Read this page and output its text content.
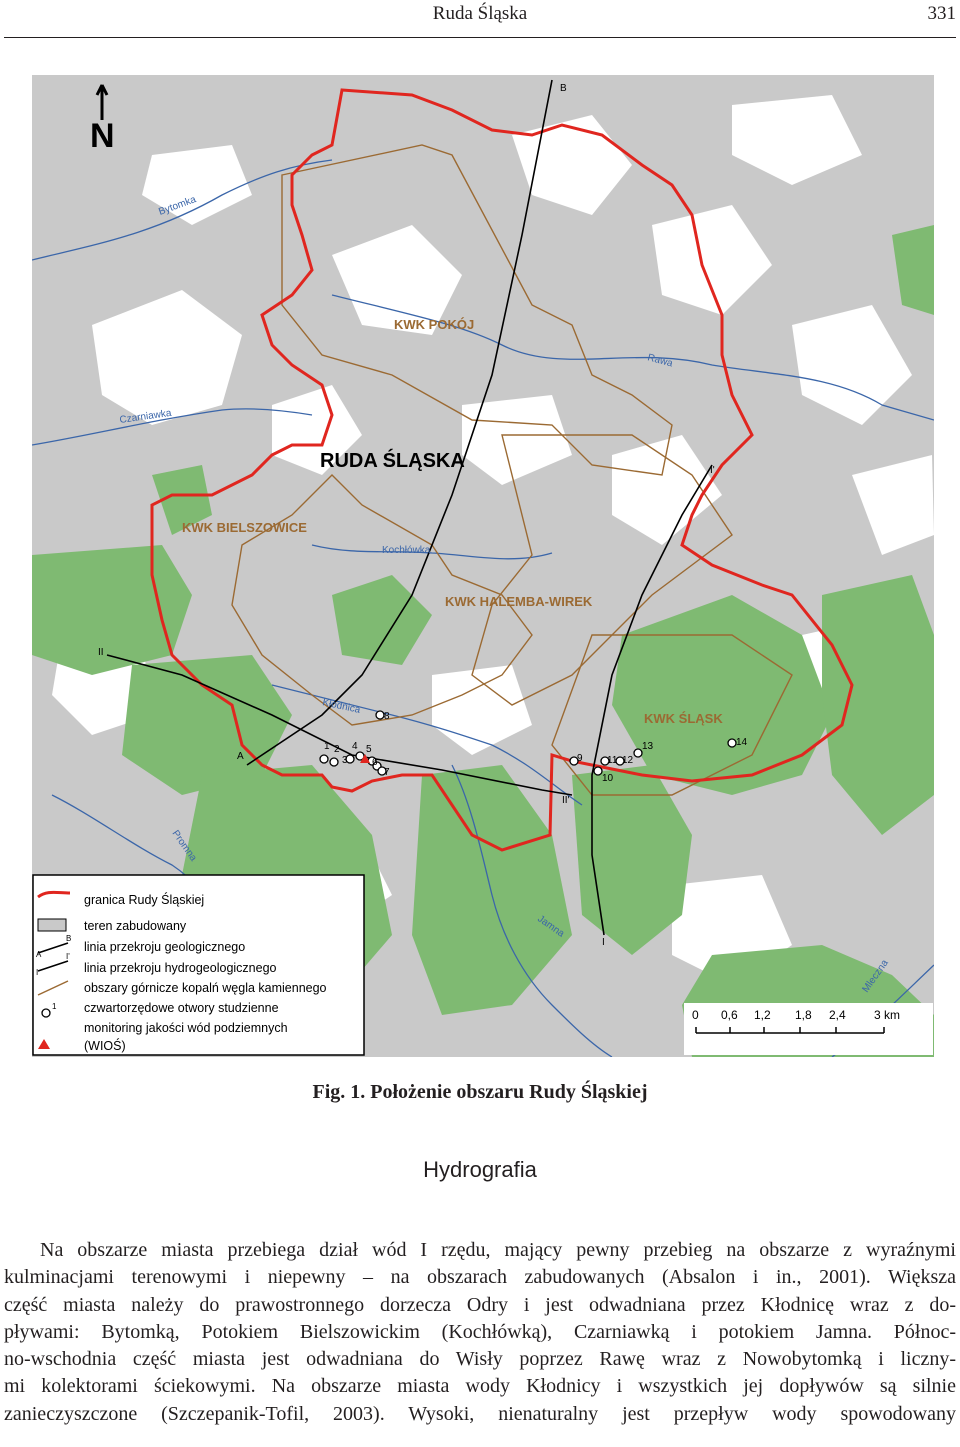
Ruda Śląska	331
N
RUDA ŚLĄSKA
KWK POKÓJ
KWK BIELSZOWICE
KWK HALEMBA-WIREK
KWK ŚLĄSK
Bytomka
Rawa
Czarniawka
Kochłówka
Kłodnica
Promna
Jamna
Mleczna
B
A
I'
I
II
II'
1 2
3
4 5
6
7
8
9
10
11 12
13	14
A
B
I
I'
1
granica Rudy Śląskiej
teren zabudowany
linia przekroju geologicznego
linia przekroju hydrogeologicznego
obszary górnicze kopalń węgla kamiennego
czwartorzędowe otwory studzienne
monitoring jakości wód podziemnych
(WIOŚ)
0 0,6 1,2 1,8 2,4 3 km
Fig. 1. Położenie obszaru Rudy Śląskiej
Hydrografia
Na obszarze miasta przebiega dział wód I rzędu, mający pewny przebieg na obszarze z wyraźnymi
kulminacjami terenowymi i niepewny – na obszarach zabudowanych (Absalon i in., 2001). Większa
część miasta należy do prawostronnego dorzecza Odry i jest odwadniana przez Kłodnicę wraz z do-
pływami: Bytomką, Potokiem Bielszowickim (Kochłówką), Czarniawką i potokiem Jamna. Północ-
no-wschodnia część miasta jest odwadniana do Wisły poprzez Rawę wraz z Nowobytomką i liczny-
mi kolektorami ściekowymi. Na obszarze miasta wody Kłodnicy i wszystkich jej dopływów są silnie
zanieczyszczone (Szczepanik-Tofil, 2003). Wysoki, nienaturalny jest przepływ wody spowodowany
